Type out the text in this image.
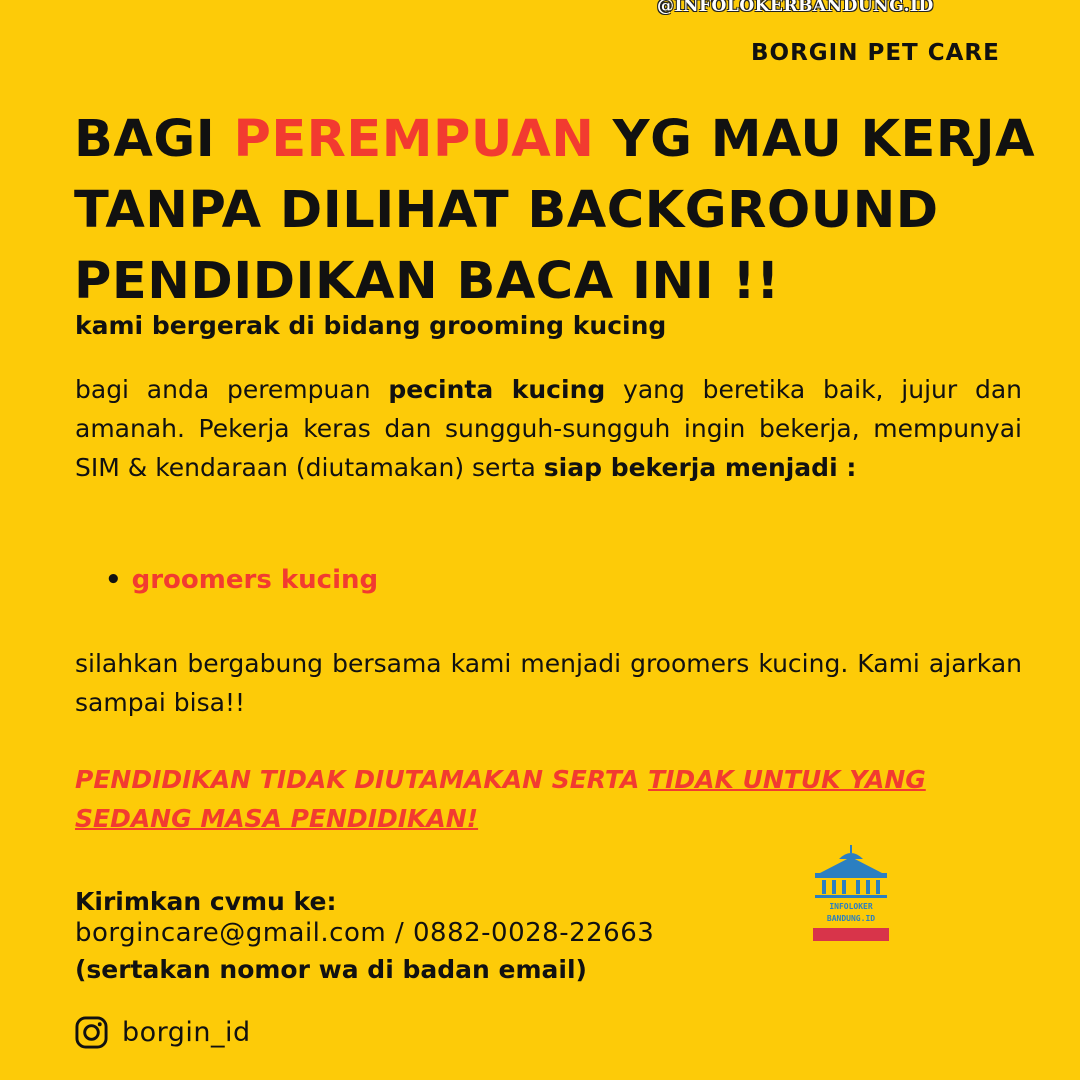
@INFOLOKERBANDUNG.ID
BORGIN PET CARE
BAGI PEREMPUAN YG MAU KERJA
TANPA DILIHAT BACKGROUND
PENDIDIKAN BACA INI !!
kami bergerak di bidang grooming kucing

bagi anda perempuan pecinta kucing yang beretika baik, jujur dan amanah. Pekerja keras dan sungguh-sungguh ingin bekerja, mempunyai SIM & kendaraan (diutamakan) serta siap bekerja menjadi :

• groomers kucing

silahkan bergabung bersama kami menjadi groomers kucing. Kami ajarkan sampai bisa!!

PENDIDIKAN TIDAK DIUTAMAKAN SERTA TIDAK UNTUK YANG SEDANG MASA PENDIDIKAN!

Kirimkan cvmu ke:
borgincare@gmail.com / 0882-0028-22663
(sertakan nomor wa di badan email)
borgin_id
INFOLOKER
BANDUNG.ID
